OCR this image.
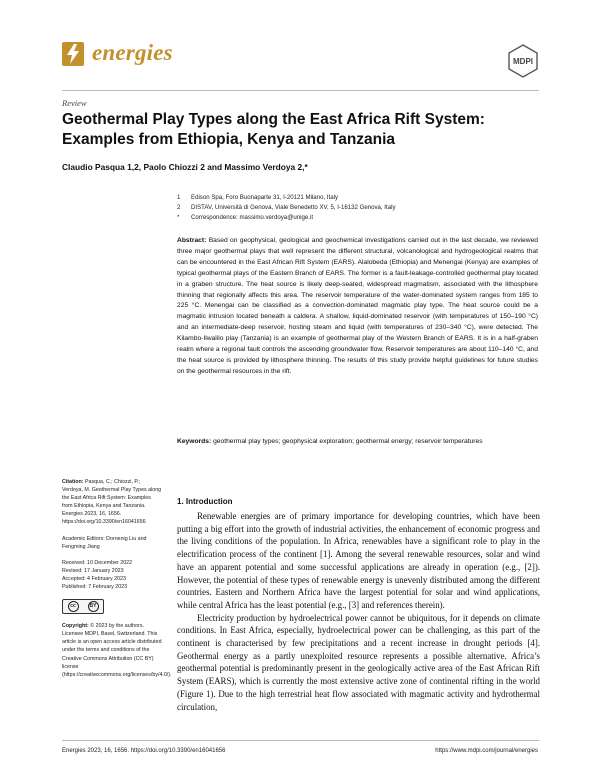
energies	MDPI
Review
Geothermal Play Types along the East Africa Rift System: Examples from Ethiopia, Kenya and Tanzania
Claudio Pasqua 1,2, Paolo Chiozzi 2 and Massimo Verdoya 2,*
1 Edison Spa, Foro Buonaparte 31, I-20121 Milano, Italy
2 DISTAV, Università di Genova, Viale Benedetto XV, 5, I-16132 Genova, Italy
* Correspondence: massimo.verdoya@unige.it
Abstract: Based on geophysical, geological and geochemical investigations carried out in the last decade, we reviewed three major geothermal plays that well represent the different structural, volcanological and hydrogeological realms that can be encountered in the East African Rift System (EARS). Alalobeda (Ethiopia) and Menengai (Kenya) are examples of typical geothermal plays of the Eastern Branch of EARS. The former is a fault-leakage-controlled geothermal play located in a graben structure. The heat source is likely deep-seated, widespread magmatism, associated with the lithosphere thinning that regionally affects this area. The reservoir temperature of the water-dominated system ranges from 185 to 225 °C. Menengai can be classified as a convection-dominated magmatic play type. The heat source could be a magmatic intrusion located beneath a caldera. A shallow, liquid-dominated reservoir (with temperatures of 150–190 °C) and an intermediate-deep reservoir, hosting steam and liquid (with temperatures of 230–340 °C), were detected. The Kilambo-Ilwalilo play (Tanzania) is an example of geothermal play of the Western Branch of EARS. It is in a half-graben realm where a regional fault controls the ascending groundwater flow. Reservoir temperatures are about 110–140 °C, and the heat source is provided by lithosphere thinning. The results of this study provide helpful guidelines for future studies on the geothermal resources in the rift.
Keywords: geothermal play types; geophysical exploration; geothermal energy; reservoir temperatures
Citation: Pasqua, C.; Chiozzi, P.; Verdoya, M. Geothermal Play Types along the East Africa Rift System: Examples from Ethiopia, Kenya and Tanzania. Energies 2023, 16, 1656. https://doi.org/10.3390/en16041656
Academic Editors: Dornenig Liu and Fengming Jiang
Received: 10 December 2022
Revised: 17 January 2023
Accepted: 4 February 2023
Published: 7 February 2023
cc	BY
Copyright: © 2023 by the authors. Licensee MDPI, Basel, Switzerland. This article is an open access article distributed under the terms and conditions of the Creative Commons Attribution (CC BY) license (https://creativecommons.org/licenses/by/4.0/).
1. Introduction

Renewable energies are of primary importance for developing countries, which have been putting a big effort into the growth of industrial activities, the enhancement of economic progress and the living conditions of the population. In Africa, renewables have a significant role to play in the electrification process of the continent [1]. Among the several renewable resources, solar and wind have an apparent potential and some successful applications are already in operation (e.g., [2]). However, the potential of these types of renewable energy is unevenly distributed among the different countries. Eastern and Northern Africa have the largest potential for solar and wind applications, while central Africa has the least potential (e.g., [3] and references therein).

Electricity production by hydroelectrical power cannot be ubiquitous, for it depends on climate conditions. In East Africa, especially, hydroelectrical power can be challenging, as this part of the continent is characterised by few precipitations and a recent increase in drought periods [4]. Geothermal energy as a partly unexploited resource represents a possible alternative. Africa’s geothermal potential is predominantly present in the geologically active area of the East African Rift System (EARS), which is currently the most extensive active zone of continental rifting in the world (Figure 1). Due to the high terrestrial heat flow associated with magmatic activity and hydrothermal circulation,

Energies 2023, 16, 1656. https://doi.org/10.3390/en16041656	https://www.mdpi.com/journal/energies
